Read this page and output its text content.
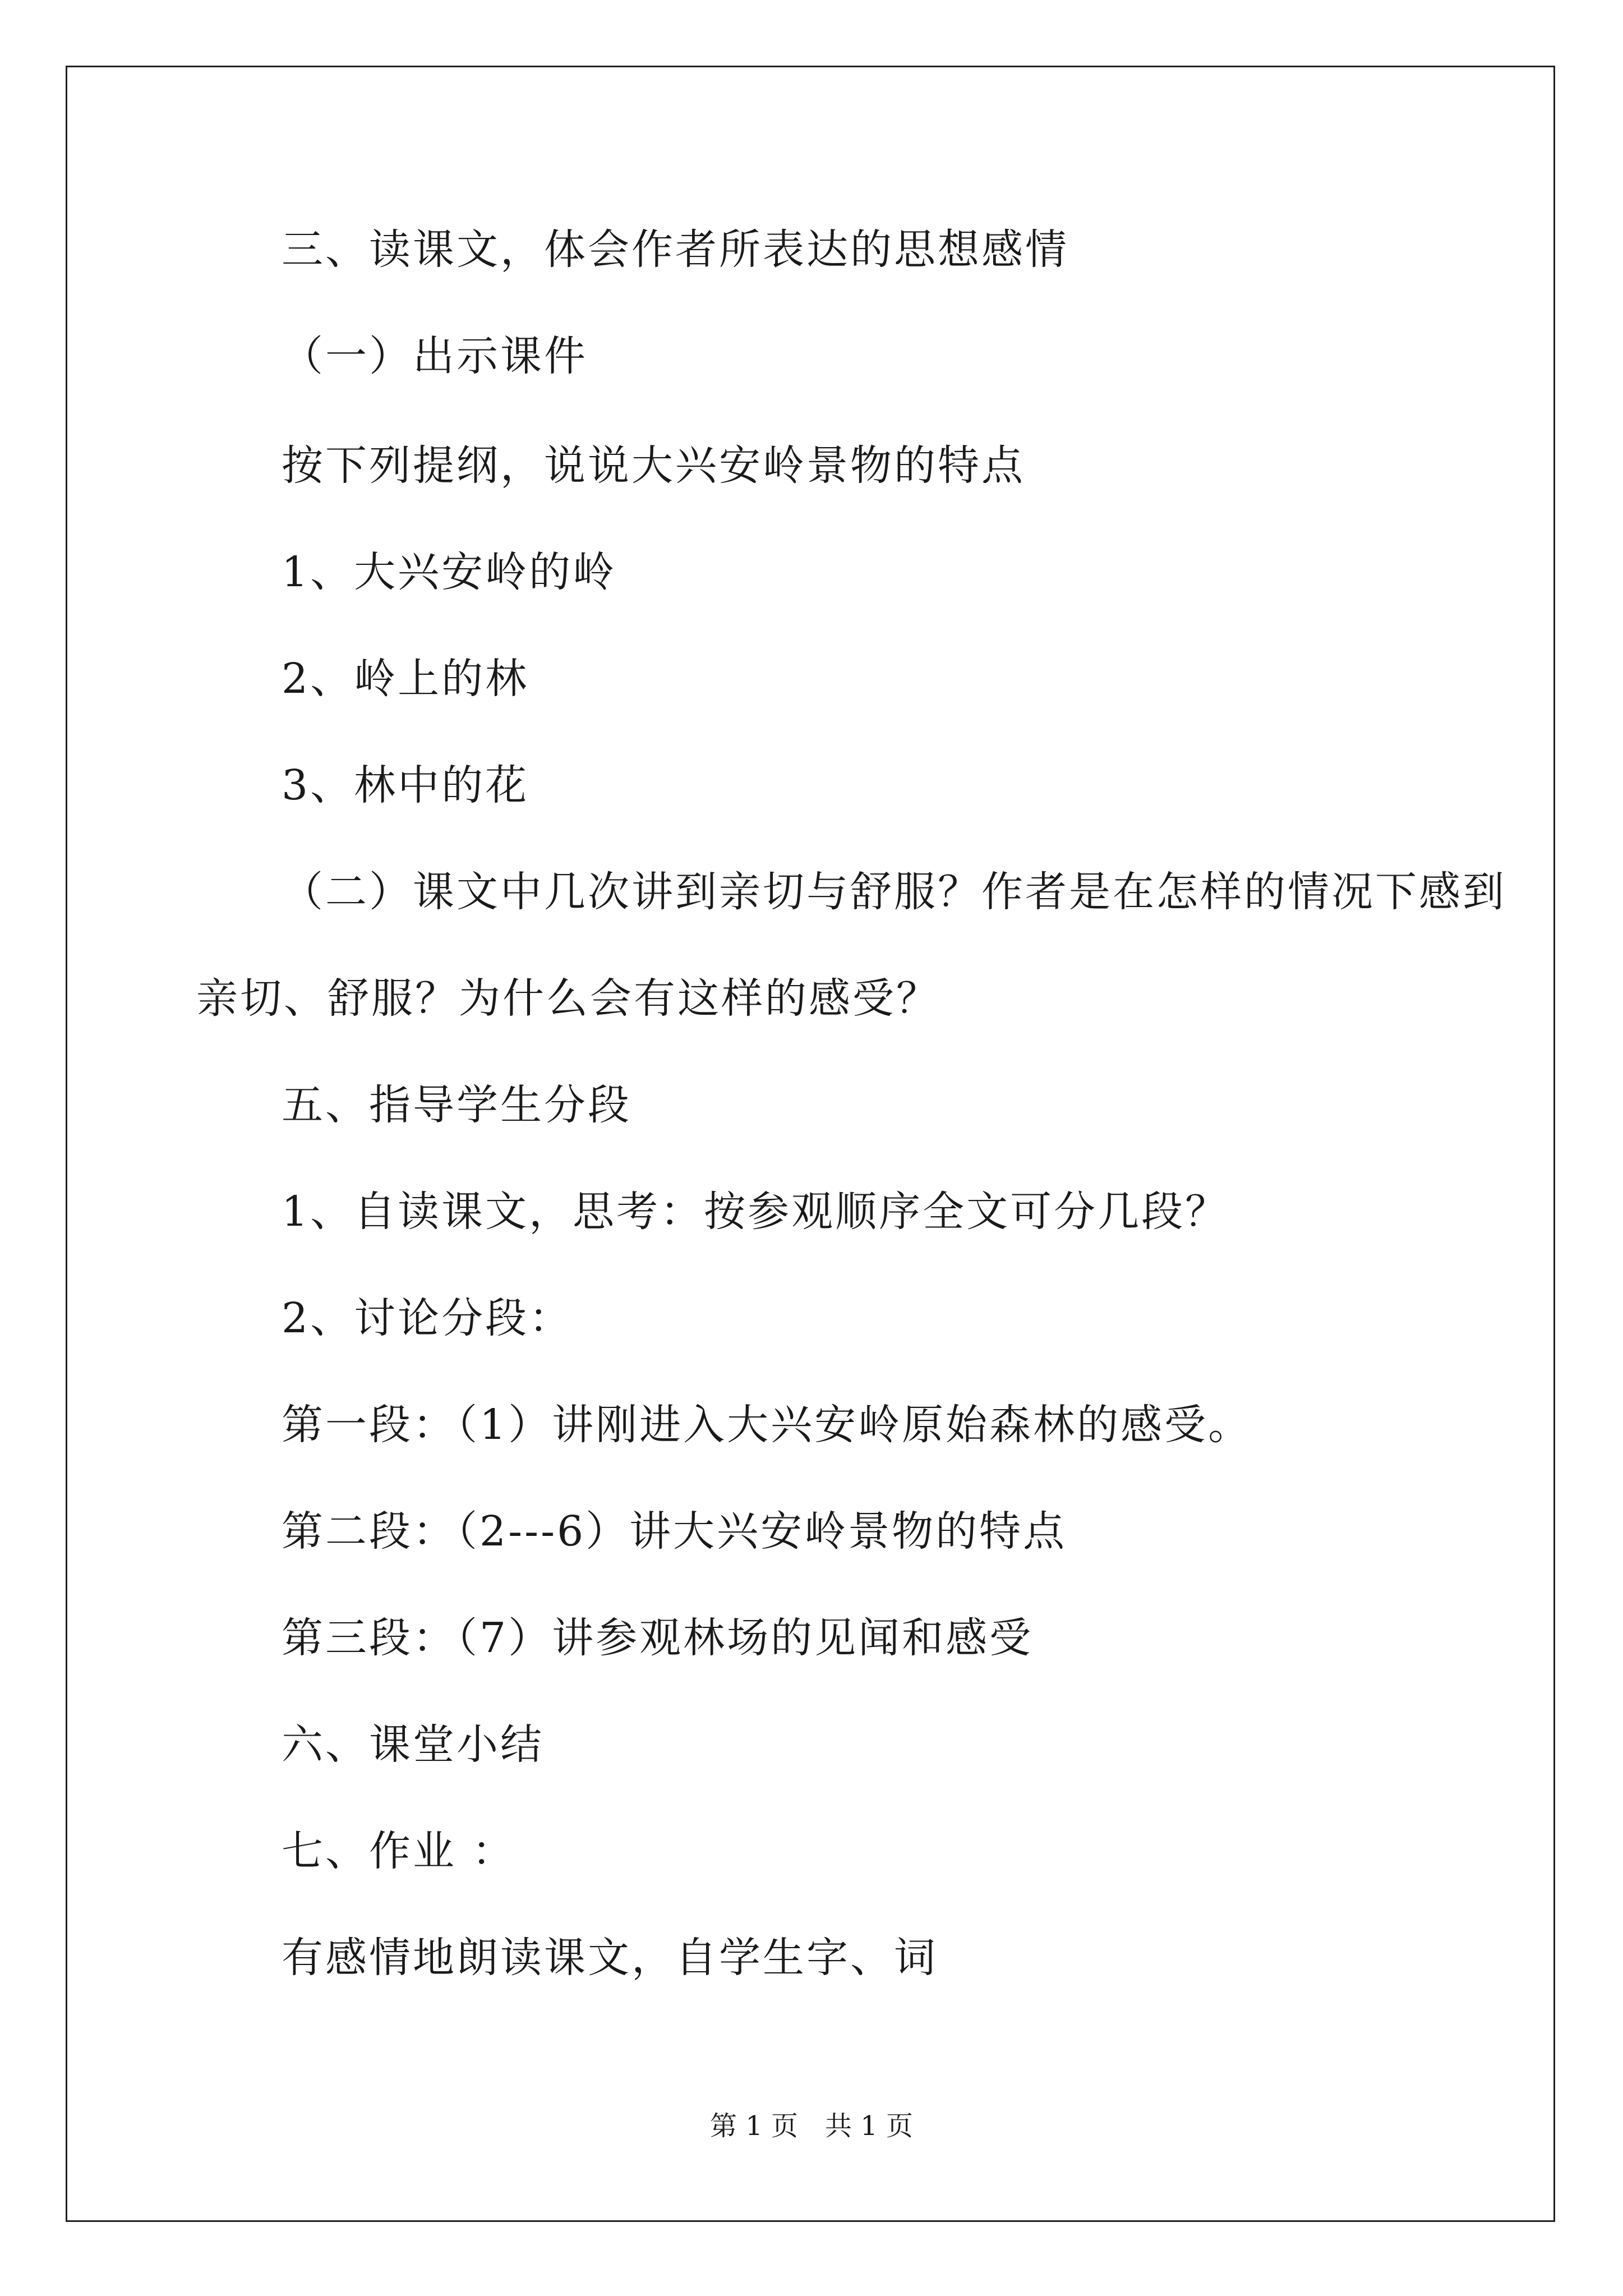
三、读课文，体会作者所表达的思想感情
（一）出示课件
按下列提纲，说说大兴安岭景物的特点
1、大兴安岭的岭
2、岭上的林
3、林中的花
（二）课文中几次讲到亲切与舒服？作者是在怎样的情况下感到
亲切、舒服？为什么会有这样的感受？
五、指导学生分段
1、自读课文，思考：按参观顺序全文可分几段？
2、讨论分段：
第一段：（1）讲刚进入大兴安岭原始森林的感受。
第二段：（2---6）讲大兴安岭景物的特点
第三段：（7）讲参观林场的见闻和感受
六、课堂小结
七、作业 ：
有感情地朗读课文，自学生字、词
第 1 页　共 1 页
